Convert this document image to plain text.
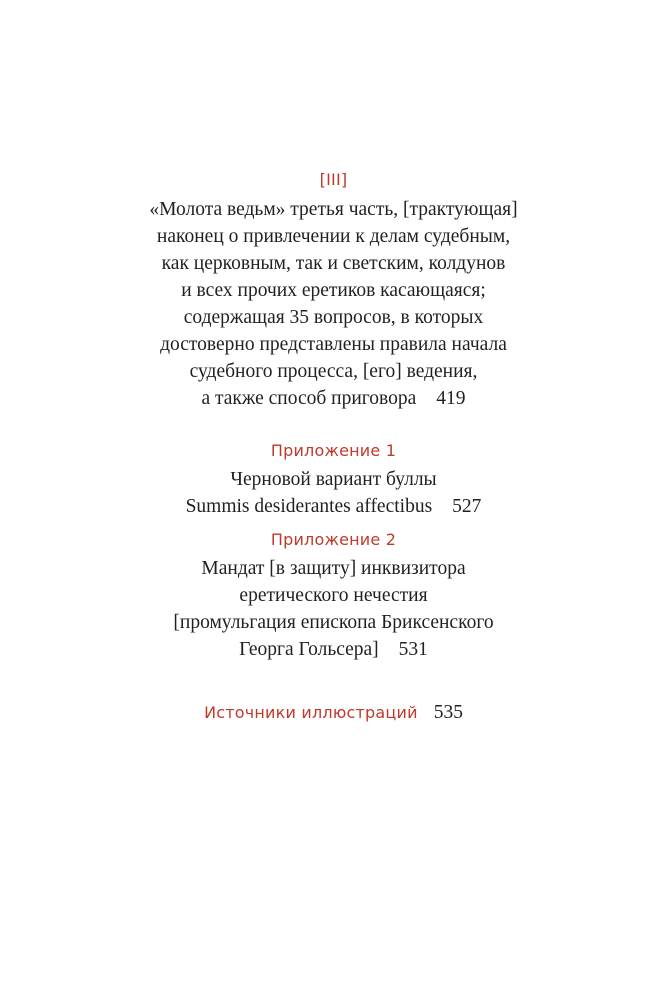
[III]
«Молота ведьм» третья часть, [трактующая]
наконец о привлечении к делам судебным,
как церковным, так и светским, колдунов
и всех прочих еретиков касающаяся;
содержащая 35 вопросов, в которых
достоверно представлены правила начала
судебного процесса, [его] ведения,
а также способ приговора 419
Приложение 1
Черновой вариант буллы
Summis desiderantes affectibus 527
Приложение 2
Мандат [в защиту] инквизитора
еретического нечестия
[промульгация епископа Бриксенского
Георга Гольсера] 531
Источники иллюстраций 535
